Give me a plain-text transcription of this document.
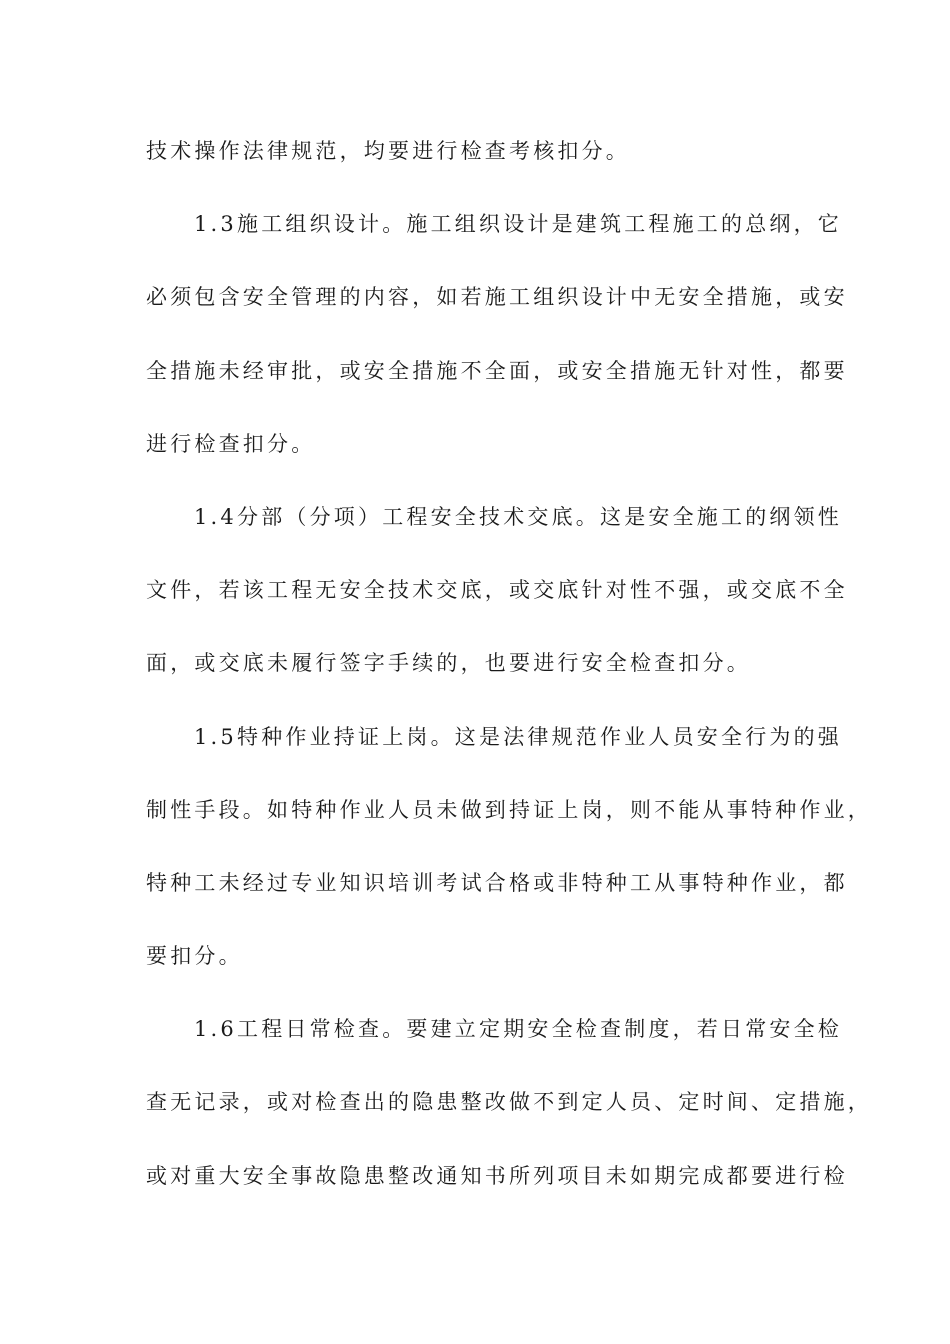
技术操作法律规范，均要进行检查考核扣分。
1.3施工组织设计。施工组织设计是建筑工程施工的总纲，它
必须包含安全管理的内容，如若施工组织设计中无安全措施，或安
全措施未经审批，或安全措施不全面，或安全措施无针对性，都要
进行检查扣分。
1.4分部（分项）工程安全技术交底。这是安全施工的纲领性
文件，若该工程无安全技术交底，或交底针对性不强，或交底不全
面，或交底未履行签字手续的，也要进行安全检查扣分。
1.5特种作业持证上岗。这是法律规范作业人员安全行为的强
制性手段。如特种作业人员未做到持证上岗，则不能从事特种作业，
特种工未经过专业知识培训考试合格或非特种工从事特种作业，都
要扣分。
1.6工程日常检查。要建立定期安全检查制度，若日常安全检
查无记录，或对检查出的隐患整改做不到定人员、定时间、定措施，
或对重大安全事故隐患整改通知书所列项目未如期完成都要进行检
